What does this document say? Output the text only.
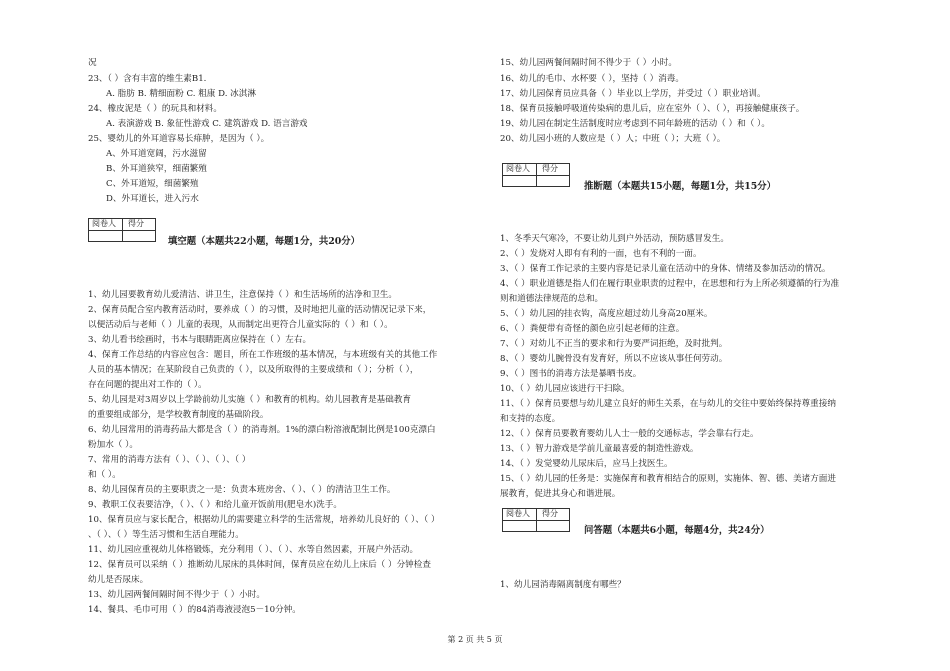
况
23、（ ）含有丰富的维生素B1.
A. 脂肪 B. 精细面粉 C. 粗康 D. 冰淇淋
24、橡皮泥是（ ）的玩具和材料。
A. 表演游戏 B. 象征性游戏 C. 建筑游戏 D. 语言游戏
25、婴幼儿的外耳道容易长痱肿，是因为（ ）。
A、外耳道宽阔，污水滋留
B、外耳道狭窄，细菌繁殖
C、外耳道短，细菌繁殖
D、外耳道长，进入污水
阅卷人 得分
填空题（本题共22小题，每题1分，共20分）
1、幼儿园要教育幼儿爱清洁、讲卫生，注意保持（ ）和生活场所的洁净和卫生。
2、保育员配合室内教育活动时，要养成（ ）的习惯，及时地把儿童的活动情况记录下来，
以便活动后与老师（ ）儿童的表现，从而制定出更符合儿童实际的（ ）和（ ）。
3、幼儿看书绘画时，书本与眼睛距离应保持在（ ）左右。
4、保育工作总结的内容应包含：题目，所在工作班级的基本情况，与本班级有关的其他工作
人员的基本情况；在某阶段自己负责的（ ），以及所取得的主要成绩和（ ）；分析（ ），
存在问题的提出对工作的（ ）。
5、幼儿园是对3周岁以上学龄前幼儿实施（ ）和教育的机构。幼儿园教育是基础教育
的重要组成部分，是学校教育制度的基础阶段。
6、幼儿园常用的消毒药品大都是含（ ）的消毒剂。1%的漂白粉溶液配制比例是100克漂白
粉加水（ ）。
7、常用的消毒方法有（ ）、（ ）、（ ）、（ ）
和（ ）。
8、幼儿园保育员的主要职责之一是：负责本班房舍、（ ）、（ ）的清洁卫生工作。
9、教职工仪表要洁净，（ ）、（ ）和给儿童开饭前用(肥皂水)洗手。
10、保育员应与家长配合，根据幼儿的需要建立科学的生活常规，培养幼儿良好的（ ）、（ ）
、（ ）、（ ）等生活习惯和生活自理能力。
11、幼儿园应重视幼儿体格锻炼，充分利用（ ）、（ ）、水等自然因素，开展户外活动。
12、保育员可以采纳（ ）推断幼儿尿床的具体时间，保育员应在幼儿上床后（ ）分钟检查
幼儿是否尿床。
13、幼儿园两餐间隔时间不得少于（ ）小时。
14、餐具、毛巾可用（ ）的84消毒液浸泡5－10分钟。
15、幼儿园两餐间隔时间不得少于（ ）小时。
16、幼儿的毛巾、水杯要（ ），坚持（ ）消毒。
17、幼儿园保育员应具备（ ）毕业以上学历，并受过（ ）职业培训。
18、保育员接触呼吸道传染病的患儿后，应在室外（ ）、（ ），再接触健康孩子。
19、幼儿园在制定生活制度时应考虑到不同年龄班的活动（ ）和（ ）。
20、幼儿园小班的人数应是（ ）人；中班（ ）；大班（ ）。
阅卷人 得分
推断题（本题共15小题，每题1分，共15分）
1、冬季天气寒冷，不要让幼儿到户外活动，预防感冒发生。
2、（ ）发烧对人即有有利的一面，也有不利的一面。
3、（ ）保育工作记录的主要内容是记录儿童在活动中的身体、情绪及参加活动的情况。
4、（ ）职业道德是指人们在履行职业职责的过程中，在思想和行为上所必须遵循的行为准
则和道德法律规范的总和。
5、（ ）幼儿园的挂衣钩，高度应超过幼儿身高20厘米。
6、（ ）粪便带有奇怪的颜色应引起老师的注意。
7、（ ）对幼儿不正当的要求和行为要严词拒绝，及时批判。
8、（ ）婴幼儿腕骨没有发育好，所以不应该从事任何劳动。
9、（ ）图书的消毒方法是暴晒书皮。
10、（ ）幼儿园应该进行干扫除。
11、（ ）保育员要想与幼儿建立良好的师生关系，在与幼儿的交往中要始终保持尊重接纳
和支持的态度。
12、（ ）保育员要教育婴幼儿人士一般的交通标志，学会靠右行走。
13、（ ）智力游戏是学前儿童最喜爱的制造性游戏。
14、（ ）发觉婴幼儿尿床后，应马上找医生。
15、（ ）幼儿园的任务是：实施保育和教育相结合的原则，实施体、智、德、美诸方面进
展教育，促进其身心和谐进展。
阅卷人 得分
问答题（本题共6小题，每题4分，共24分）
1、幼儿园消毒隔离制度有哪些？
第 2 页 共 5 页
